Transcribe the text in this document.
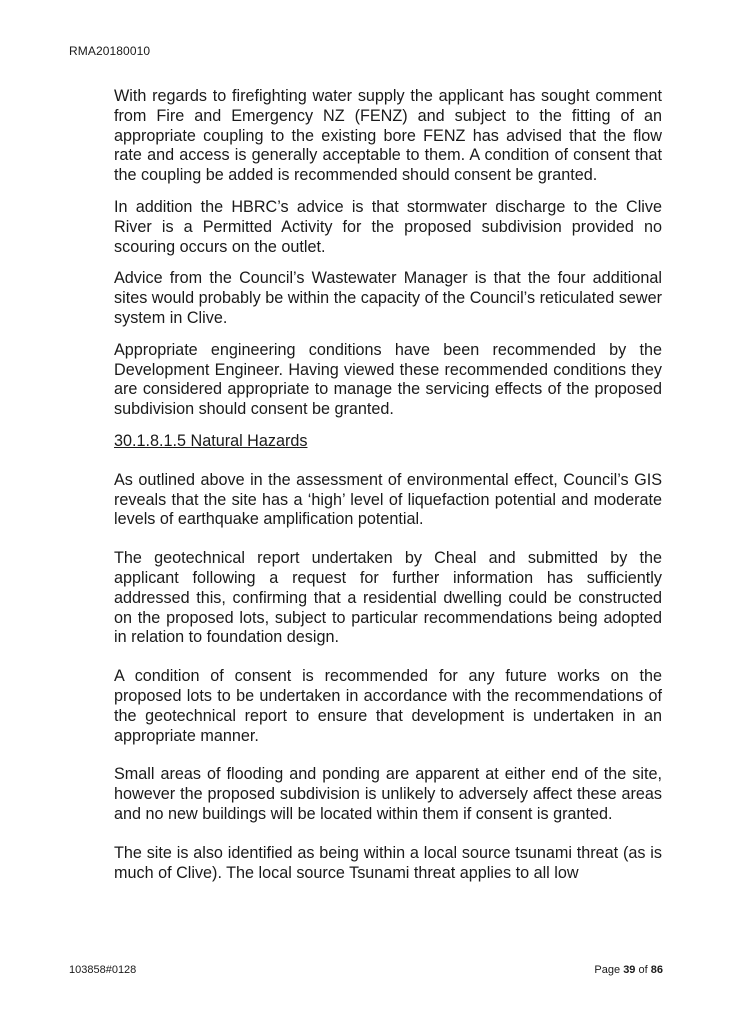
RMA20180010

With regards to firefighting water supply the applicant has sought comment from Fire and Emergency NZ (FENZ) and subject to the fitting of an appropriate coupling to the existing bore FENZ has advised that the flow rate and access is generally acceptable to them. A condition of consent that the coupling be added is recommended should consent be granted.

In addition the HBRC’s advice is that stormwater discharge to the Clive River is a Permitted Activity for the proposed subdivision provided no scouring occurs on the outlet.

Advice from the Council’s Wastewater Manager is that the four additional sites would probably be within the capacity of the Council’s reticulated sewer system in Clive.

Appropriate engineering conditions have been recommended by the Development Engineer. Having viewed these recommended conditions they are considered appropriate to manage the servicing effects of the proposed subdivision should consent be granted.

30.1.8.1.5 Natural Hazards

As outlined above in the assessment of environmental effect, Council’s GIS reveals that the site has a ‘high’ level of liquefaction potential and moderate levels of earthquake amplification potential.

The geotechnical report undertaken by Cheal and submitted by the applicant following a request for further information has sufficiently addressed this, confirming that a residential dwelling could be constructed on the proposed lots, subject to particular recommendations being adopted in relation to foundation design.

A condition of consent is recommended for any future works on the proposed lots to be undertaken in accordance with the recommendations of the geotechnical report to ensure that development is undertaken in an appropriate manner.

Small areas of flooding and ponding are apparent at either end of the site, however the proposed subdivision is unlikely to adversely affect these areas and no new buildings will be located within them if consent is granted.

The site is also identified as being within a local source tsunami threat (as is much of Clive). The local source Tsunami threat applies to all low

103858#0128	Page 39 of 86
